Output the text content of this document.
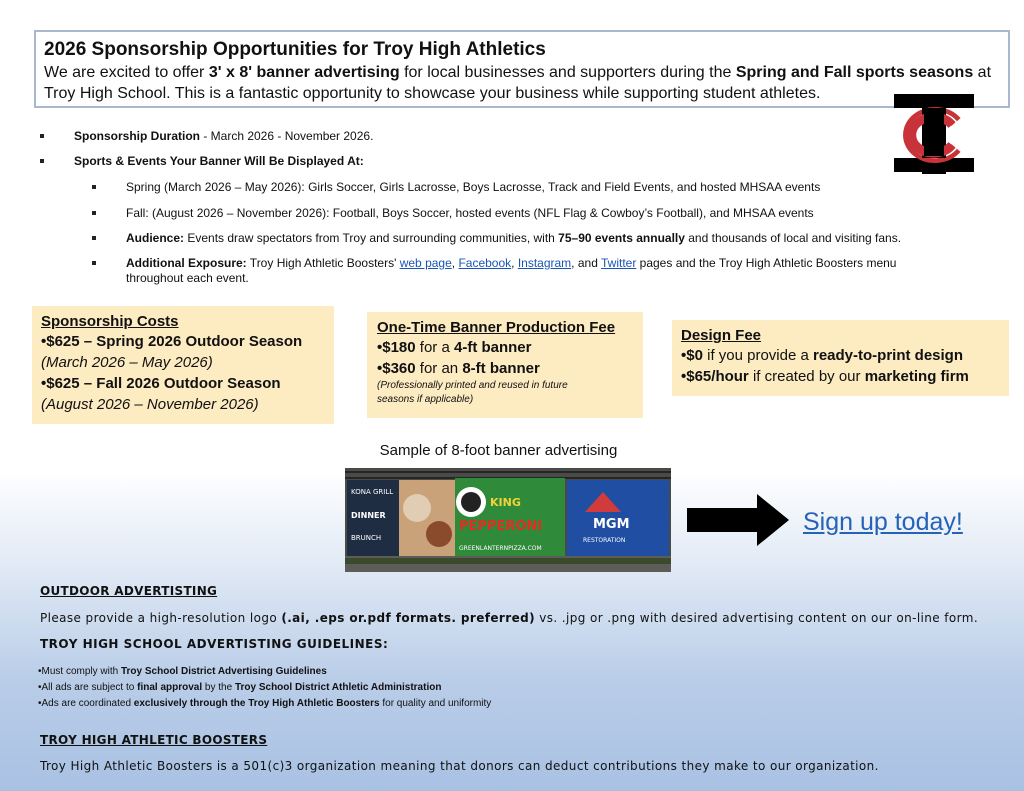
2026 Sponsorship Opportunities for Troy High Athletics

We are excited to offer 3' x 8' banner advertising for local businesses and supporters during the Spring and Fall sports seasons at

Troy High School. This is a fantastic opportunity to showcase your business while supporting student athletes.

Sponsorship Duration - March 2026 - November 2026.
Sports & Events Your Banner Will Be Displayed At:
Spring (March 2026 – May 2026): Girls Soccer, Girls Lacrosse, Boys Lacrosse, Track and Field Events, and hosted MHSAA events
Fall: (August 2026 – November 2026): Football, Boys Soccer, hosted events (NFL Flag & Cowboy’s Football), and MHSAA events
Audience: Events draw spectators from Troy and surrounding communities, with 75–90 events annually and thousands of local and visiting fans.
Additional Exposure: Troy High Athletic Boosters' web page, Facebook, Instagram, and Twitter pages and the Troy High Athletic Boosters menu
throughout each event.
Sponsorship Costs
•$625 – Spring 2026 Outdoor Season
(March 2026 – May 2026)
•$625 – Fall 2026 Outdoor Season
(August 2026 – November 2026)
One-Time Banner Production Fee
•$180 for a 4-ft banner
•$360 for an 8-ft banner
(Professionally printed and reused in future
seasons if applicable)
Design Fee
•$0 if you provide a ready-to-print design
•$65/hour if created by our marketing firm
Sample of 8-foot banner advertising
KONA GRILL
DINNER
BRUNCH
KING
PEPPERONI
GREENLANTERNPIZZA.COM
MGM
RESTORATION
Sign up today!
OUTDOOR ADVERTISTING
Please provide a high-resolution logo (.ai, .eps or.pdf formats. preferred) vs. .jpg or .png with desired advertising content on our on-line form.
TROY HIGH SCHOOL ADVERTISTING GUIDELINES:
•Must comply with Troy School District Advertising Guidelines
•All ads are subject to final approval by the Troy School District Athletic Administration
•Ads are coordinated exclusively through the Troy High Athletic Boosters for quality and uniformity
TROY HIGH ATHLETIC BOOSTERS
Troy High Athletic Boosters is a 501(c)3 organization meaning that donors can deduct contributions they make to our organization.
